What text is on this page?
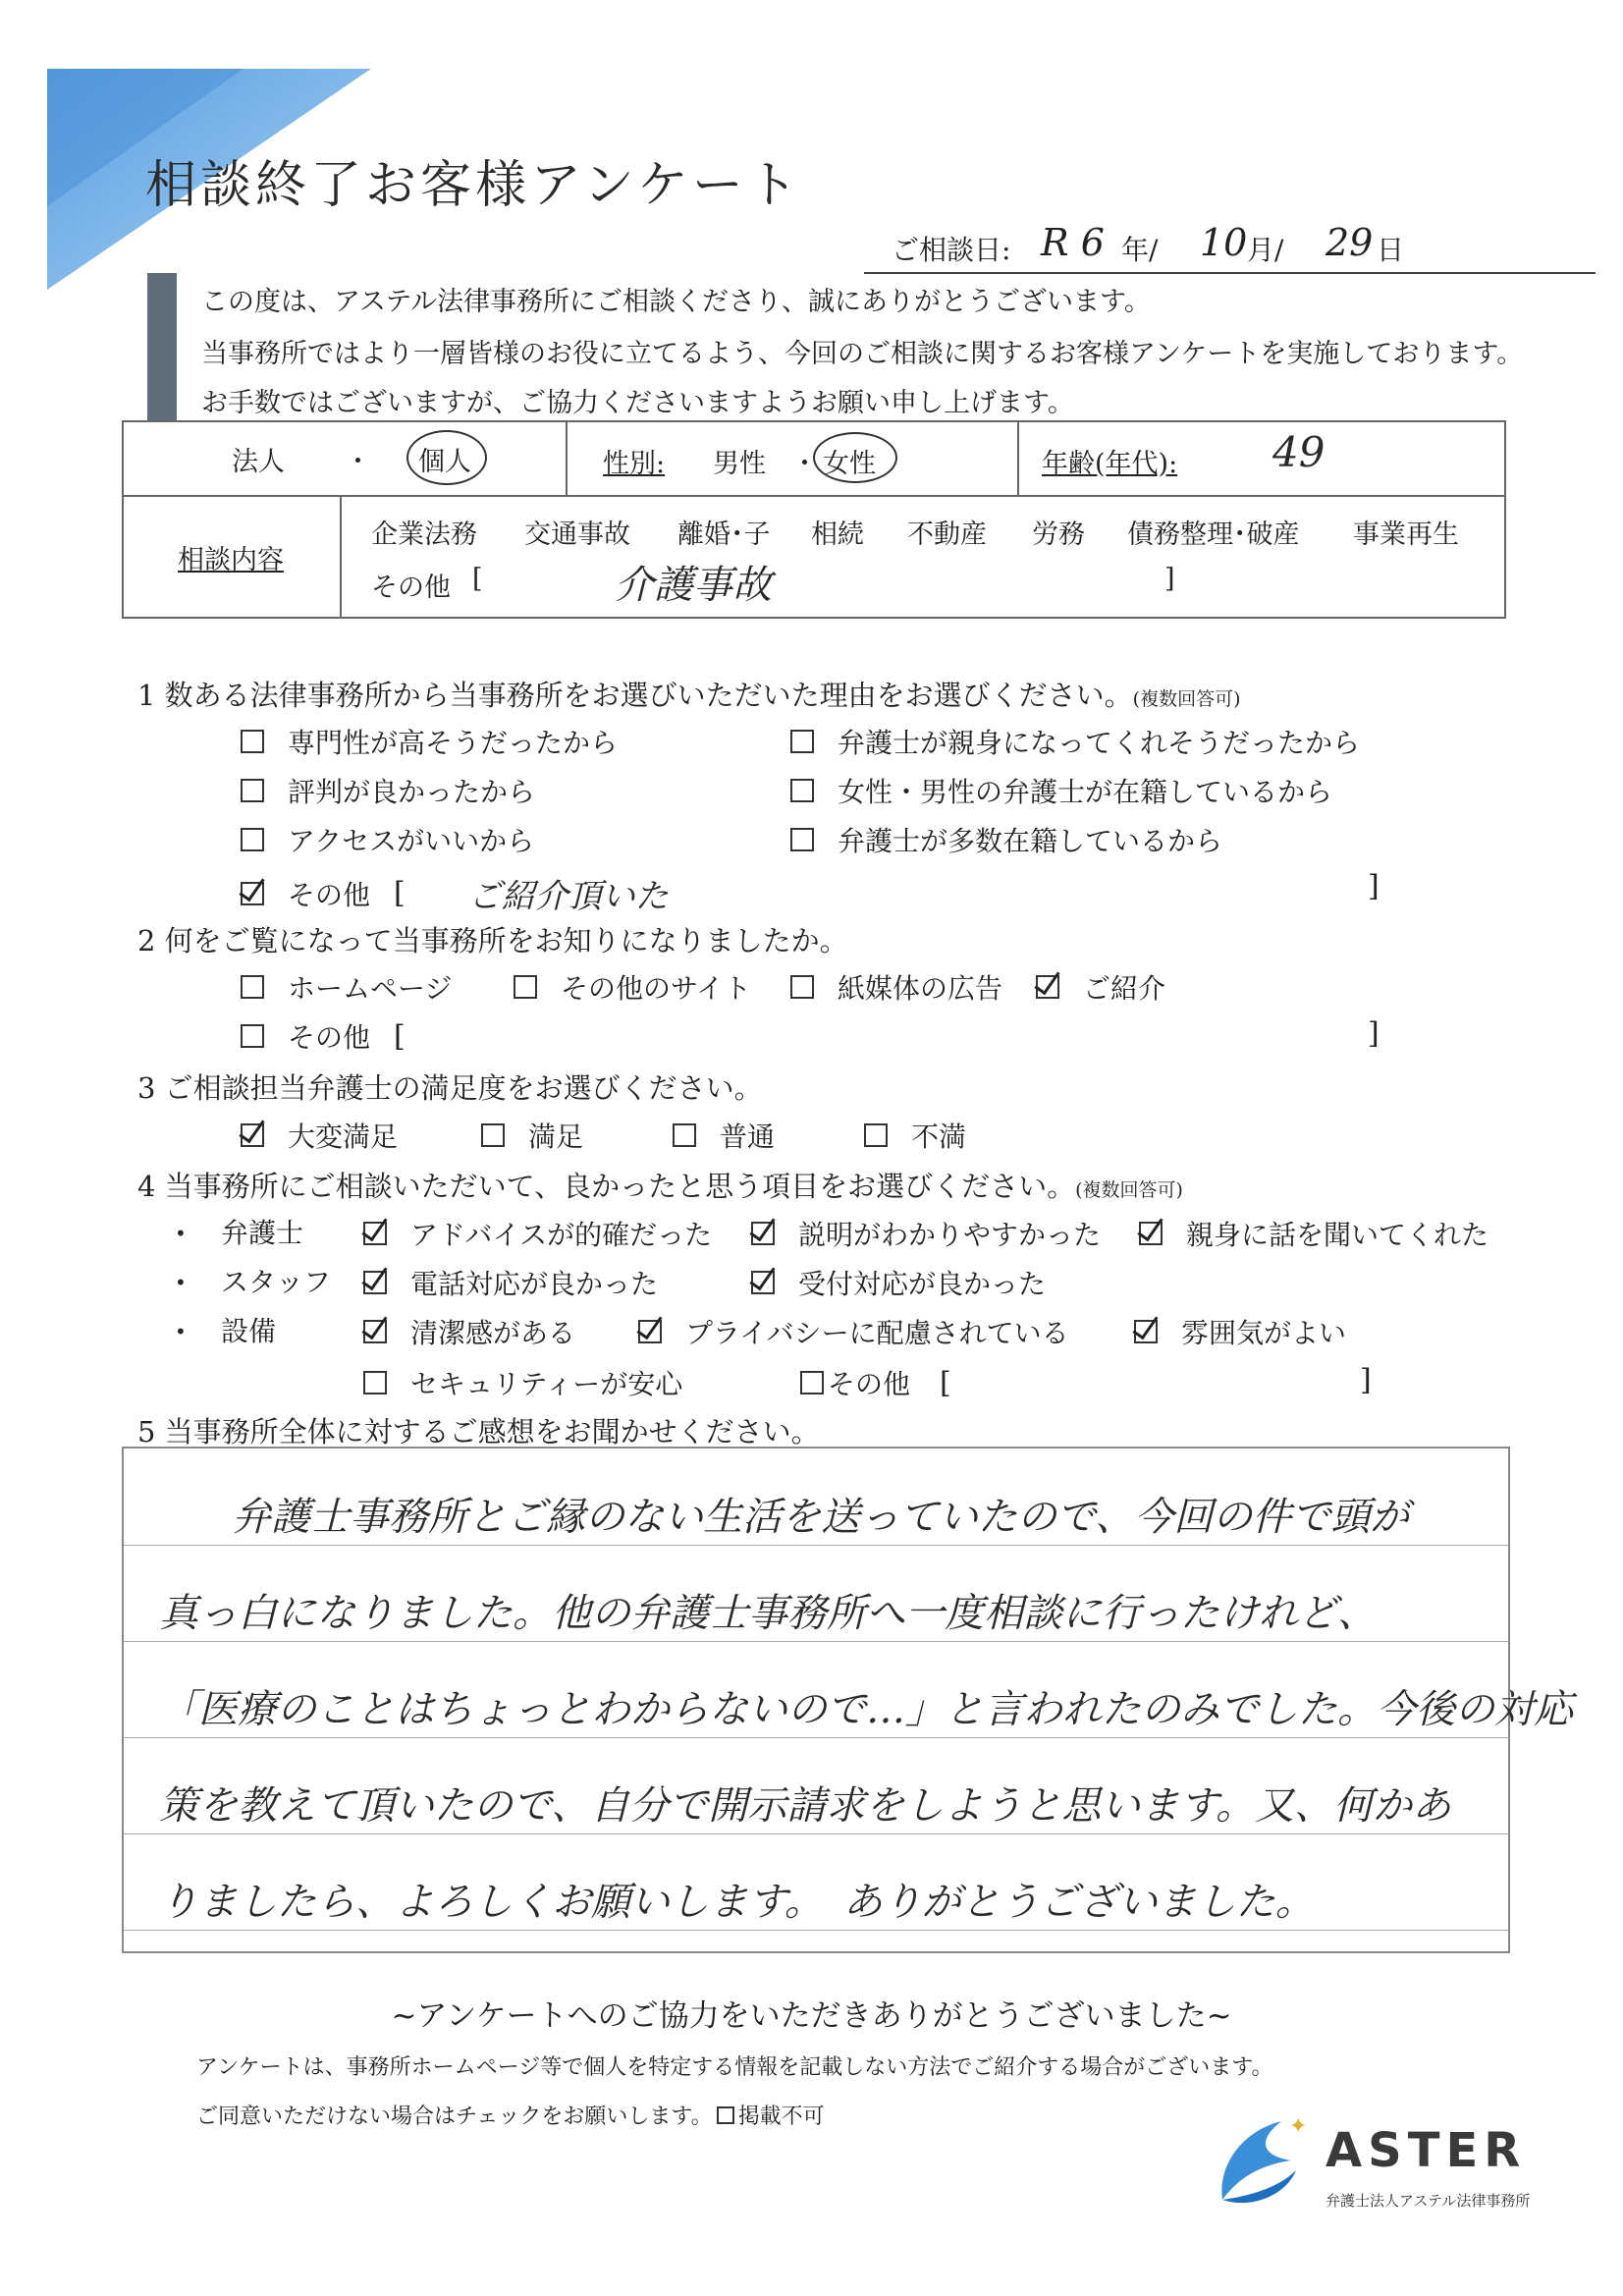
相談終了お客様アンケート
ご相談日: R 6 年/ 10 月/ 29 日
この度は、アステル法律事務所にご相談くださり、誠にありがとうございます。
当事務所ではより一層皆様のお役に立てるよう、今回のご相談に関するお客様アンケートを実施しております。
お手数ではございますが、ご協力くださいますようお願い申し上げます。
法人 ・ 個人	性別: 男性 ・ 女性	年齢(年代): 49
相談内容
企業法務 交通事故 離婚･子 相続 不動産 労務 債務整理･破産 事業再生
その他 [	介護事故	]
1 数ある法律事務所から当事務所をお選びいただいた理由をお選びください。(複数回答可)
専門性が高そうだったから	弁護士が親身になってくれそうだったから
評判が良かったから	女性・男性の弁護士が在籍しているから
アクセスがいいから	弁護士が多数在籍しているから
その他 [ ご紹介頂いた	]
2 何をご覧になって当事務所をお知りになりましたか。
ホームページ	その他のサイト	紙媒体の広告	ご紹介
その他 [	]
3 ご相談担当弁護士の満足度をお選びください。
大変満足	満足	普通	不満
4 当事務所にご相談いただいて、良かったと思う項目をお選びください。(複数回答可)
• 弁護士	アドバイスが的確だった	説明がわかりやすかった	親身に話を聞いてくれた
• スタッフ	電話対応が良かった	受付対応が良かった
• 設備	清潔感がある	プライバシーに配慮されている	雰囲気がよい
セキュリティーが安心	その他 [	]
5 当事務所全体に対するご感想をお聞かせください。
弁護士事務所とご縁のない生活を送っていたので、今回の件で頭が
真っ白になりました。他の弁護士事務所へ一度相談に行ったけれど、
「医療のことはちょっとわからないので…」と言われたのみでした。今後の対応
策を教えて頂いたので、自分で開示請求をしようと思います。又、何かあ
りましたら、よろしくお願いします。　ありがとうございました。
~アンケートへのご協力をいただきありがとうございました~
アンケートは、事務所ホームページ等で個人を特定する情報を記載しない方法でご紹介する場合がございます。
ご同意いただけない場合はチェックをお願いします。 掲載不可	✦ ASTER
弁護士法人アステル法律事務所
